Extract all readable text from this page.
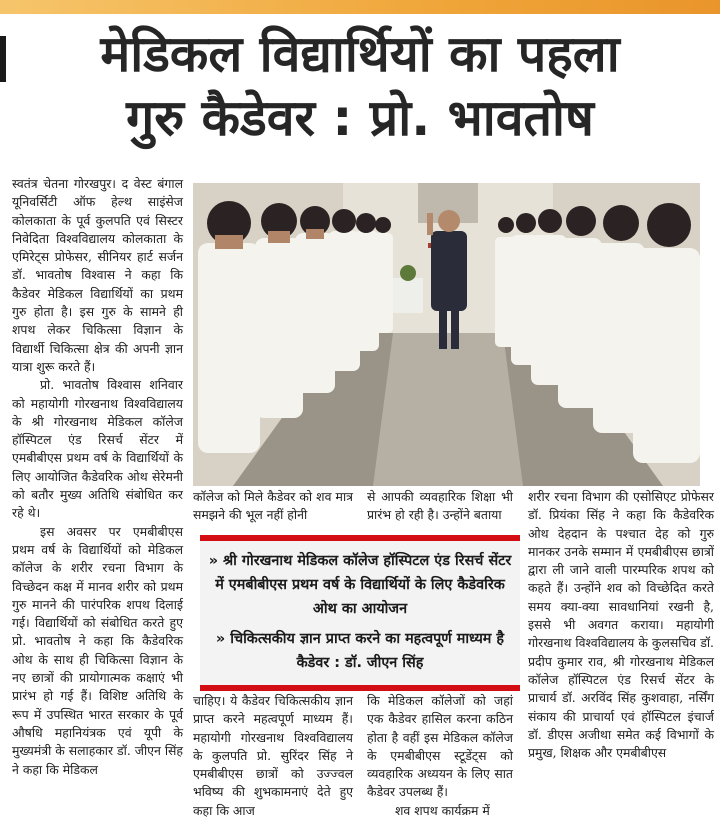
मेडिकल विद्यार्थियों का पहला
गुरु कैडेवर : प्रो. भावतोष

स्वतंत्र चेतना गोरखपुर। द वेस्ट बंगाल यूनिवर्सिटी ऑफ हेल्थ साइंसेज कोलकाता के पूर्व कुलपति एवं सिस्टर निवेदिता विश्वविद्यालय कोलकाता के एमिरेट्स प्रोफेसर, सीनियर हार्ट सर्जन डॉ. भावतोष विश्वास ने कहा कि कैडेवर मेडिकल विद्यार्थियों का प्रथम गुरु होता है। इस गुरु के सामने ही शपथ लेकर चिकित्सा विज्ञान के विद्यार्थी चिकित्सा क्षेत्र की अपनी ज्ञान यात्रा शुरू करते हैं।

प्रो. भावतोष विश्वास शनिवार को महायोगी गोरखनाथ विश्वविद्यालय के श्री गोरखनाथ मेडिकल कॉलेज हॉस्पिटल एंड रिसर्च सेंटर में एमबीबीएस प्रथम वर्ष के विद्यार्थियों के लिए आयोजित कैडेवरिक ओथ सेरेमनी को बतौर मुख्य अतिथि संबोधित कर रहे थे।

इस अवसर पर एमबीबीएस प्रथम वर्ष के विद्यार्थियों को मेडिकल कॉलेज के शरीर रचना विभाग के विच्छेदन कक्ष में मानव शरीर को प्रथम गुरु मानने की पारंपरिक शपथ दिलाई गई। विद्यार्थियों को संबोधित करते हुए प्रो. भावतोष ने कहा कि कैडेवरिक ओथ के साथ ही चिकित्सा विज्ञान के नए छात्रों की प्रायोगात्मक कक्षाएं भी प्रारंभ हो गई हैं। विशिष्ट अतिथि के रूप में उपस्थित भारत सरकार के पूर्व औषधि महानियंत्रक एवं यूपी के मुख्यमंत्री के सलाहकार डॉ. जीएन सिंह ने कहा कि मेडिकल

कॉलेज को मिले कैडेवर को शव मात्र समझने की भूल नहीं होनी

से आपकी व्यवहारिक शिक्षा भी प्रारंभ हो रही है। उन्होंने बताया

» श्री गोरखनाथ मेडिकल कॉलेज हॉस्पिटल एंड रिसर्च सेंटर में एमबीबीएस प्रथम वर्ष के विद्यार्थियों के लिए कैडेवरिक ओथ का आयोजन

» चिकित्सकीय ज्ञान प्राप्त करने का महत्वपूर्ण माध्यम है कैडेवर : डॉ. जीएन सिंह

चाहिए। ये कैडेवर चिकित्सकीय ज्ञान प्राप्त करने महत्वपूर्ण माध्यम हैं। महायोगी गोरखनाथ विश्वविद्यालय के कुलपति प्रो. सुरिंदर सिंह ने एमबीबीएस छात्रों को उज्ज्वल भविष्य की शुभकामनाएं देते हुए कहा कि आज

कि मेडिकल कॉलेजों को जहां एक कैडेवर हासिल करना कठिन होता है वहीं इस मेडिकल कॉलेज के एमबीबीएस स्टूडेंट्स को व्यवहारिक अध्ययन के लिए सात कैडेवर उपलब्ध हैं।

शव शपथ कार्यक्रम में

शरीर रचना विभाग की एसोसिएट प्रोफेसर डॉ. प्रियंका सिंह ने कहा कि कैडेवरिक ओथ देहदान के पश्चात देह को गुरु मानकर उनके सम्मान में एमबीबीएस छात्रों द्वारा ली जाने वाली पारम्परिक शपथ को कहते हैं। उन्होंने शव को विच्छेदित करते समय क्या-क्या सावधानियां रखनी है, इससे भी अवगत कराया। महायोगी गोरखनाथ विश्वविद्यालय के कुलसचिव डॉ. प्रदीप कुमार राव, श्री गोरखनाथ मेडिकल कॉलेज हॉस्पिटल एंड रिसर्च सेंटर के प्राचार्य डॉ. अरविंद सिंह कुशवाहा, नर्सिंग संकाय की प्राचार्या एवं हॉस्पिटल इंचार्ज डॉ. डीएस अजीथा समेत कई विभागों के प्रमुख, शिक्षक और एमबीबीएस
